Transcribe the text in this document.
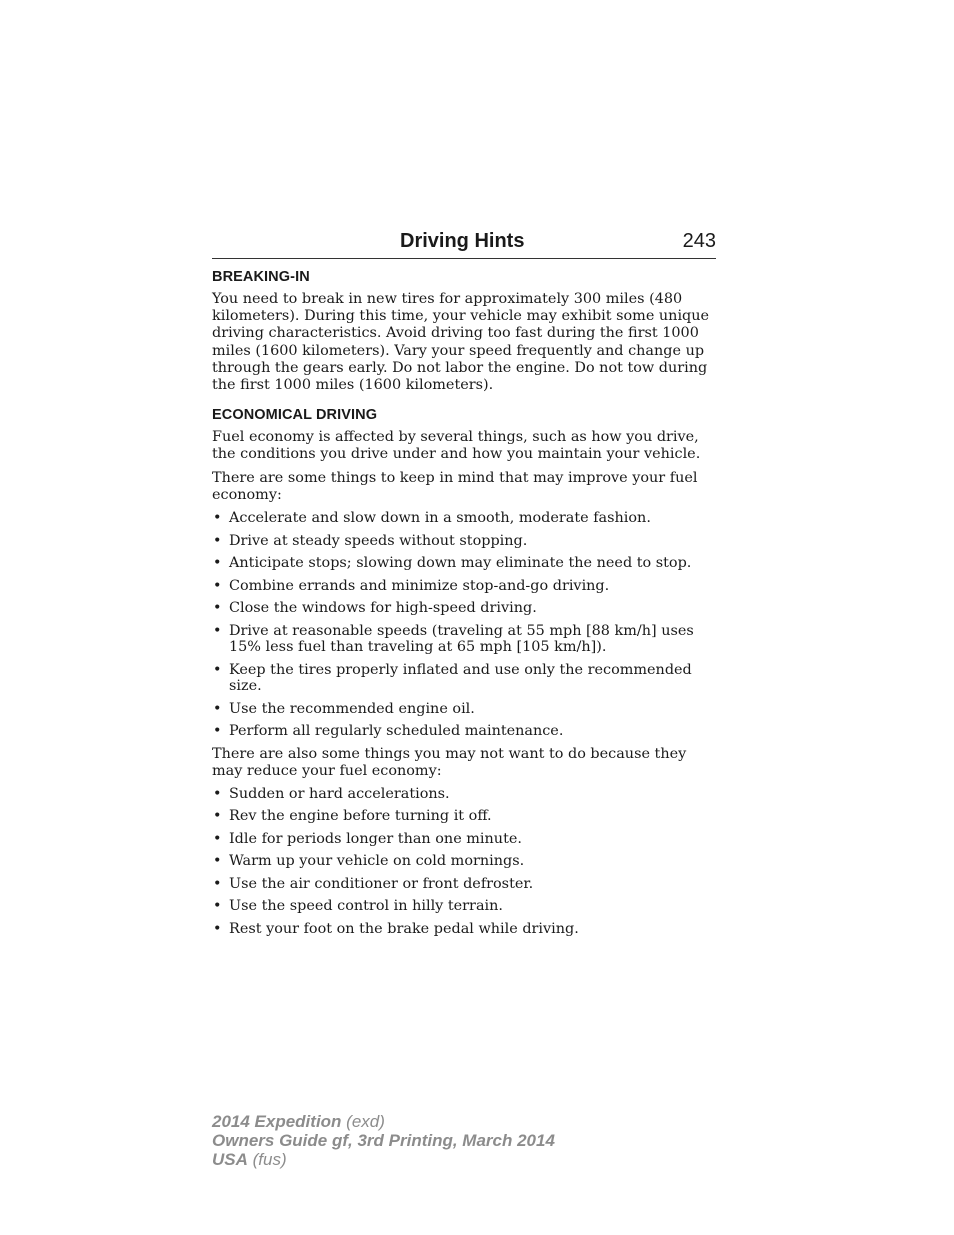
Driving Hints	243
BREAKING-IN

You need to break in new tires for approximately 300 miles (480 kilometers). During this time, your vehicle may exhibit some unique driving characteristics. Avoid driving too fast during the first 1000 miles (1600 kilometers). Vary your speed frequently and change up through the gears early. Do not labor the engine. Do not tow during the first 1000 miles (1600 kilometers).

ECONOMICAL DRIVING

Fuel economy is affected by several things, such as how you drive, the conditions you drive under and how you maintain your vehicle.

There are some things to keep in mind that may improve your fuel economy:

• Accelerate and slow down in a smooth, moderate fashion.
• Drive at steady speeds without stopping.
• Anticipate stops; slowing down may eliminate the need to stop.
• Combine errands and minimize stop-and-go driving.
• Close the windows for high-speed driving.
• Drive at reasonable speeds (traveling at 55 mph [88 km/h] uses 15% less fuel than traveling at 65 mph [105 km/h]).
• Keep the tires properly inflated and use only the recommended size.
• Use the recommended engine oil.
• Perform all regularly scheduled maintenance.

There are also some things you may not want to do because they may reduce your fuel economy:

• Sudden or hard accelerations.
• Rev the engine before turning it off.
• Idle for periods longer than one minute.
• Warm up your vehicle on cold mornings.
• Use the air conditioner or front defroster.
• Use the speed control in hilly terrain.
• Rest your foot on the brake pedal while driving.
2014 Expedition (exd)
Owners Guide gf, 3rd Printing, March 2014
USA (fus)
